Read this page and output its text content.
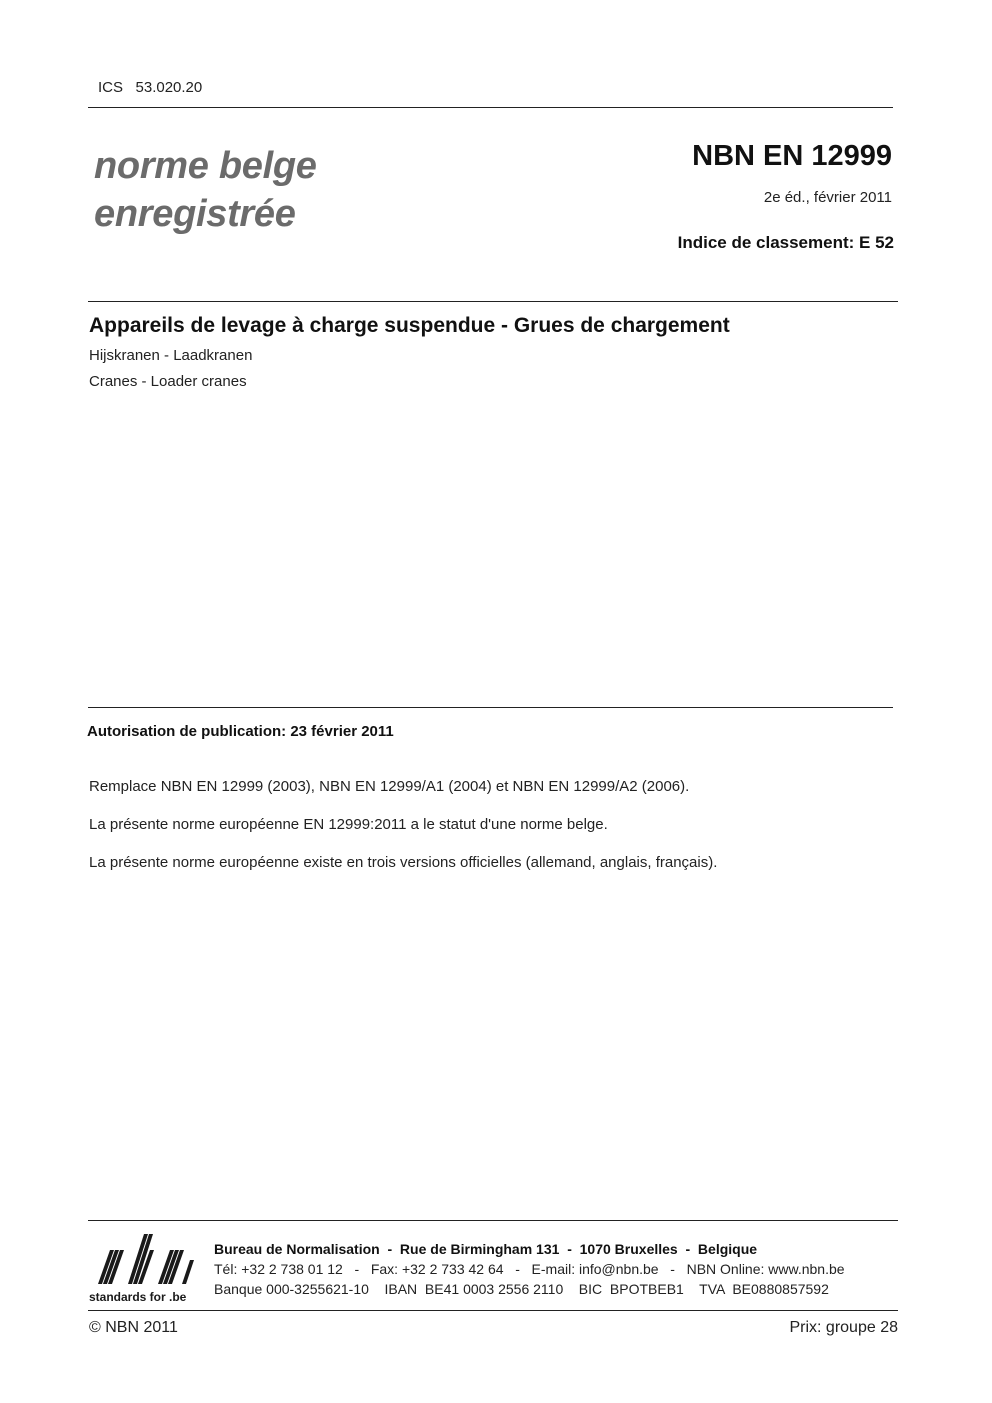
ICS   53.020.20
norme belge
enregistrée
NBN EN 12999
2e éd., février 2011
Indice de classement: E 52
Appareils de levage à charge suspendue - Grues de chargement
Hijskranen - Laadkranen
Cranes - Loader cranes
Autorisation de publication: 23 février 2011
Remplace NBN EN 12999 (2003), NBN EN 12999/A1 (2004) et NBN EN 12999/A2 (2006).
La présente norme européenne EN 12999:2011 a le statut d'une norme belge.
La présente norme européenne existe en trois versions officielles (allemand, anglais, français).
standards for .be
Bureau de Normalisation  -  Rue de Birmingham 131  -  1070 Bruxelles  -  Belgique
Tél: +32 2 738 01 12   -   Fax: +32 2 733 42 64   -   E-mail: info@nbn.be   -   NBN Online: www.nbn.be
Banque 000-3255621-10    IBAN  BE41 0003 2556 2110    BIC  BPOTBEB1    TVA  BE0880857592
© NBN 2011	Prix: groupe 28
